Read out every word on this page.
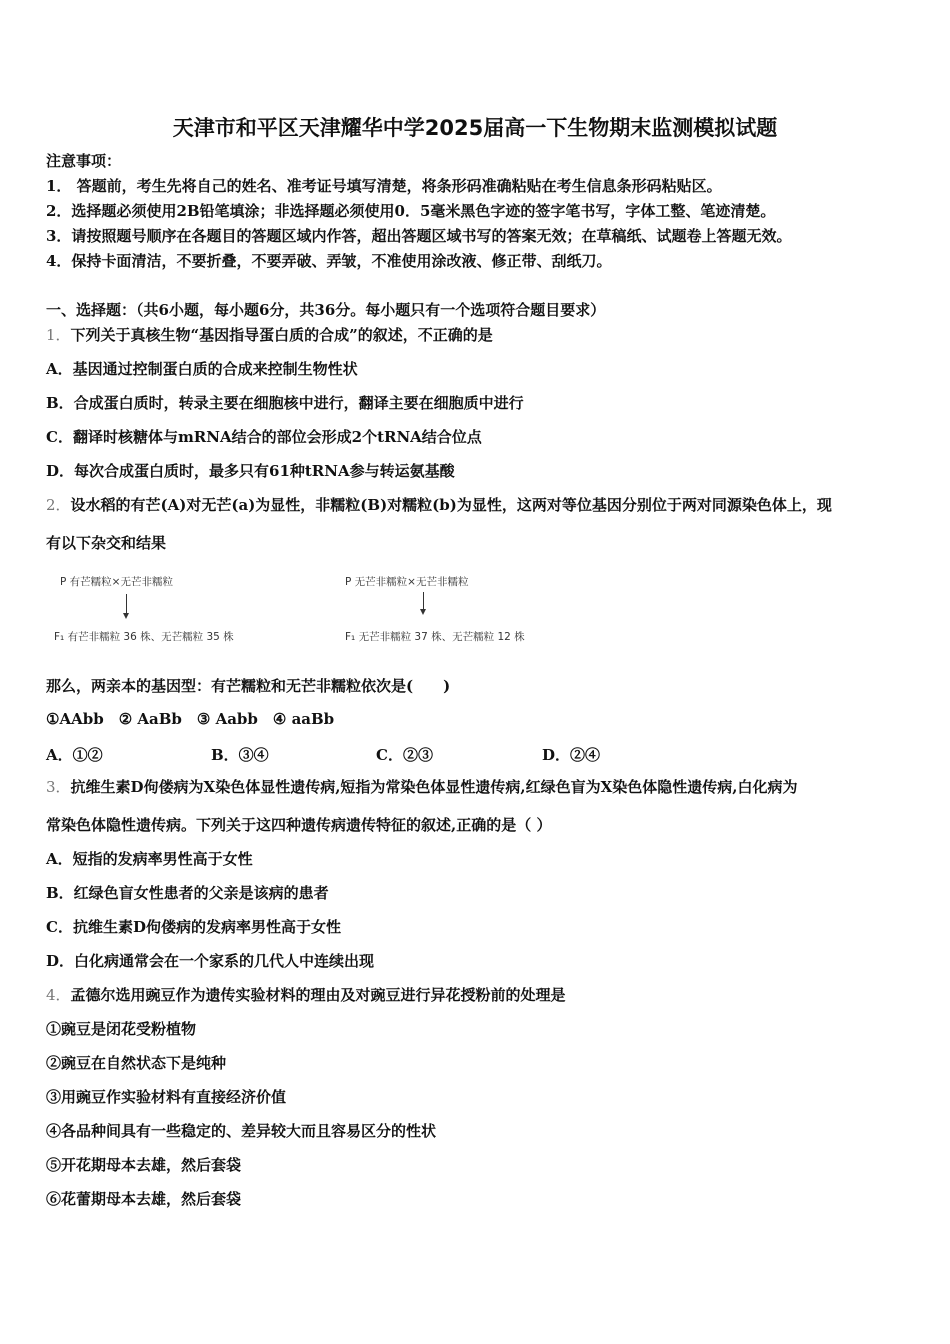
天津市和平区天津耀华中学2025届高一下生物期末监测模拟试题
注意事项：
1． 答题前，考生先将自己的姓名、准考证号填写清楚，将条形码准确粘贴在考生信息条形码粘贴区。
2．选择题必须使用2B铅笔填涂；非选择题必须使用0．5毫米黑色字迹的签字笔书写，字体工整、笔迹清楚。
3．请按照题号顺序在各题目的答题区域内作答，超出答题区域书写的答案无效；在草稿纸、试题卷上答题无效。
4．保持卡面清洁，不要折叠，不要弄破、弄皱，不准使用涂改液、修正带、刮纸刀。
一、选择题：（共6小题，每小题6分，共36分。每小题只有一个选项符合题目要求）
1．下列关于真核生物“基因指导蛋白质的合成”的叙述，不正确的是
A．基因通过控制蛋白质的合成来控制生物性状
B．合成蛋白质时，转录主要在细胞核中进行，翻译主要在细胞质中进行
C．翻译时核糖体与mRNA结合的部位会形成2个tRNA结合位点
D．每次合成蛋白质时，最多只有61种tRNA参与转运氨基酸
2．设水稻的有芒(A)对无芒(a)为显性，非糯粒(B)对糯粒(b)为显性，这两对等位基因分别位于两对同源染色体上，现
有以下杂交和结果
P 有芒糯粒×无芒非糯粒
F₁ 有芒非糯粒 36 株、无芒糯粒 35 株
P 无芒非糯粒×无芒非糯粒
F₁ 无芒非糯粒 37 株、无芒糯粒 12 株
那么，两亲本的基因型：有芒糯粒和无芒非糯粒依次是(　　)
①AAbb　② AaBb　③ Aabb　④ aaBb
A．①②	B．③④	C．②③	D．②④
3．抗维生素D佝偻病为X染色体显性遗传病,短指为常染色体显性遗传病,红绿色盲为X染色体隐性遗传病,白化病为
常染色体隐性遗传病。下列关于这四种遗传病遗传特征的叙述,正确的是（ ）
A．短指的发病率男性高于女性
B．红绿色盲女性患者的父亲是该病的患者
C．抗维生素D佝偻病的发病率男性高于女性
D．白化病通常会在一个家系的几代人中连续出现
4．孟德尔选用豌豆作为遗传实验材料的理由及对豌豆进行异花授粉前的处理是
①豌豆是闭花受粉植物
②豌豆在自然状态下是纯种
③用豌豆作实验材料有直接经济价值
④各品种间具有一些稳定的、差异较大而且容易区分的性状
⑤开花期母本去雄，然后套袋
⑥花蕾期母本去雄，然后套袋
